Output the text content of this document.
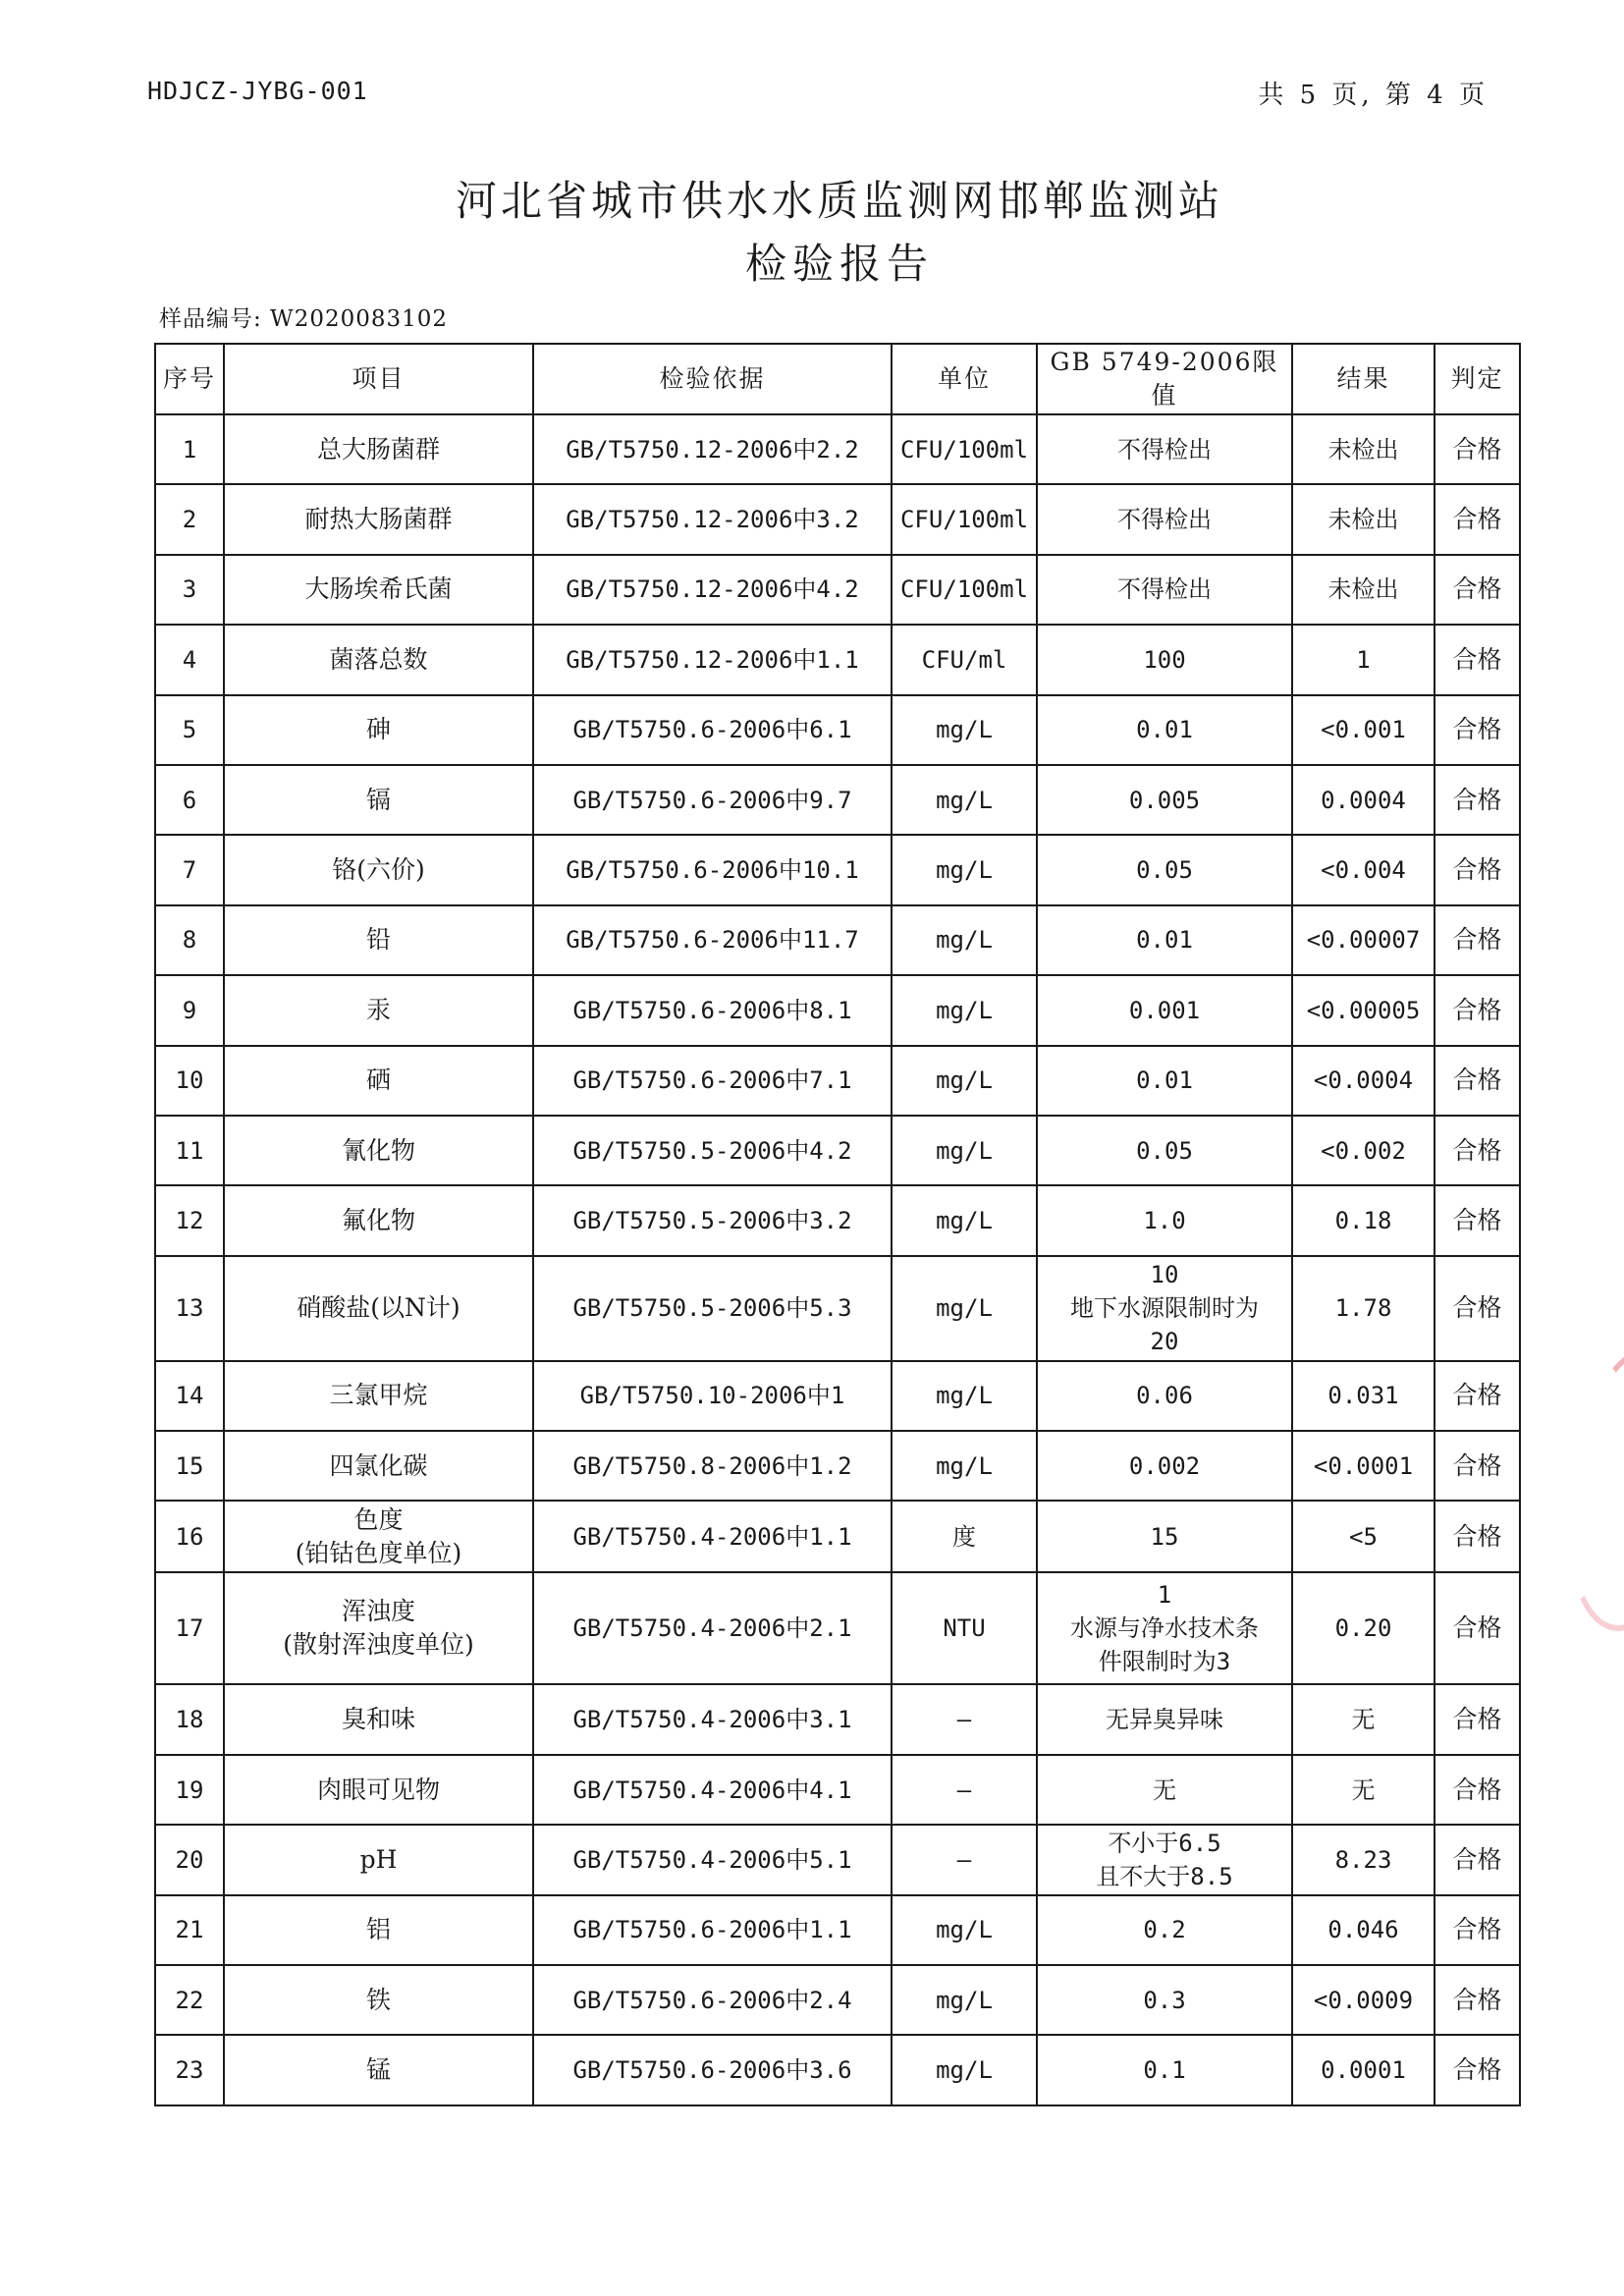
HDJCZ-JYBG-001	共 5 页, 第 4 页
河北省城市供水水质监测网邯郸监测站
检验报告
样品编号: W2020083102
序号	项目	检验依据	单位	GB 5749-2006限值	结果	判定
1	总大肠菌群	GB/T5750.12-2006中2.2	CFU/100ml	不得检出	未检出	合格
2	耐热大肠菌群	GB/T5750.12-2006中3.2	CFU/100ml	不得检出	未检出	合格
3	大肠埃希氏菌	GB/T5750.12-2006中4.2	CFU/100ml	不得检出	未检出	合格
4	菌落总数	GB/T5750.12-2006中1.1	CFU/ml	100	1	合格
5	砷	GB/T5750.6-2006中6.1	mg/L	0.01	<0.001	合格
6	镉	GB/T5750.6-2006中9.7	mg/L	0.005	0.0004	合格
7	铬(六价)	GB/T5750.6-2006中10.1	mg/L	0.05	<0.004	合格
8	铅	GB/T5750.6-2006中11.7	mg/L	0.01	<0.00007	合格
9	汞	GB/T5750.6-2006中8.1	mg/L	0.001	<0.00005	合格
10	硒	GB/T5750.6-2006中7.1	mg/L	0.01	<0.0004	合格
11	氰化物	GB/T5750.5-2006中4.2	mg/L	0.05	<0.002	合格
12	氟化物	GB/T5750.5-2006中3.2	mg/L	1.0	0.18	合格
13	硝酸盐(以N计)	GB/T5750.5-2006中5.3	mg/L	10
地下水源限制时为
20	1.78	合格
14	三氯甲烷	GB/T5750.10-2006中1	mg/L	0.06	0.031	合格
15	四氯化碳	GB/T5750.8-2006中1.2	mg/L	0.002	<0.0001	合格
16	色度
(铂钴色度单位)	GB/T5750.4-2006中1.1	度	15	<5	合格
17	浑浊度
(散射浑浊度单位)	GB/T5750.4-2006中2.1	NTU	1
水源与净水技术条
件限制时为3	0.20	合格
18	臭和味	GB/T5750.4-2006中3.1	—	无异臭异味	无	合格
19	肉眼可见物	GB/T5750.4-2006中4.1	—	无	无	合格
20	pH	GB/T5750.4-2006中5.1	—	不小于6.5
且不大于8.5	8.23	合格
21	铝	GB/T5750.6-2006中1.1	mg/L	0.2	0.046	合格
22	铁	GB/T5750.6-2006中2.4	mg/L	0.3	<0.0009	合格
23	锰	GB/T5750.6-2006中3.6	mg/L	0.1	0.0001	合格
